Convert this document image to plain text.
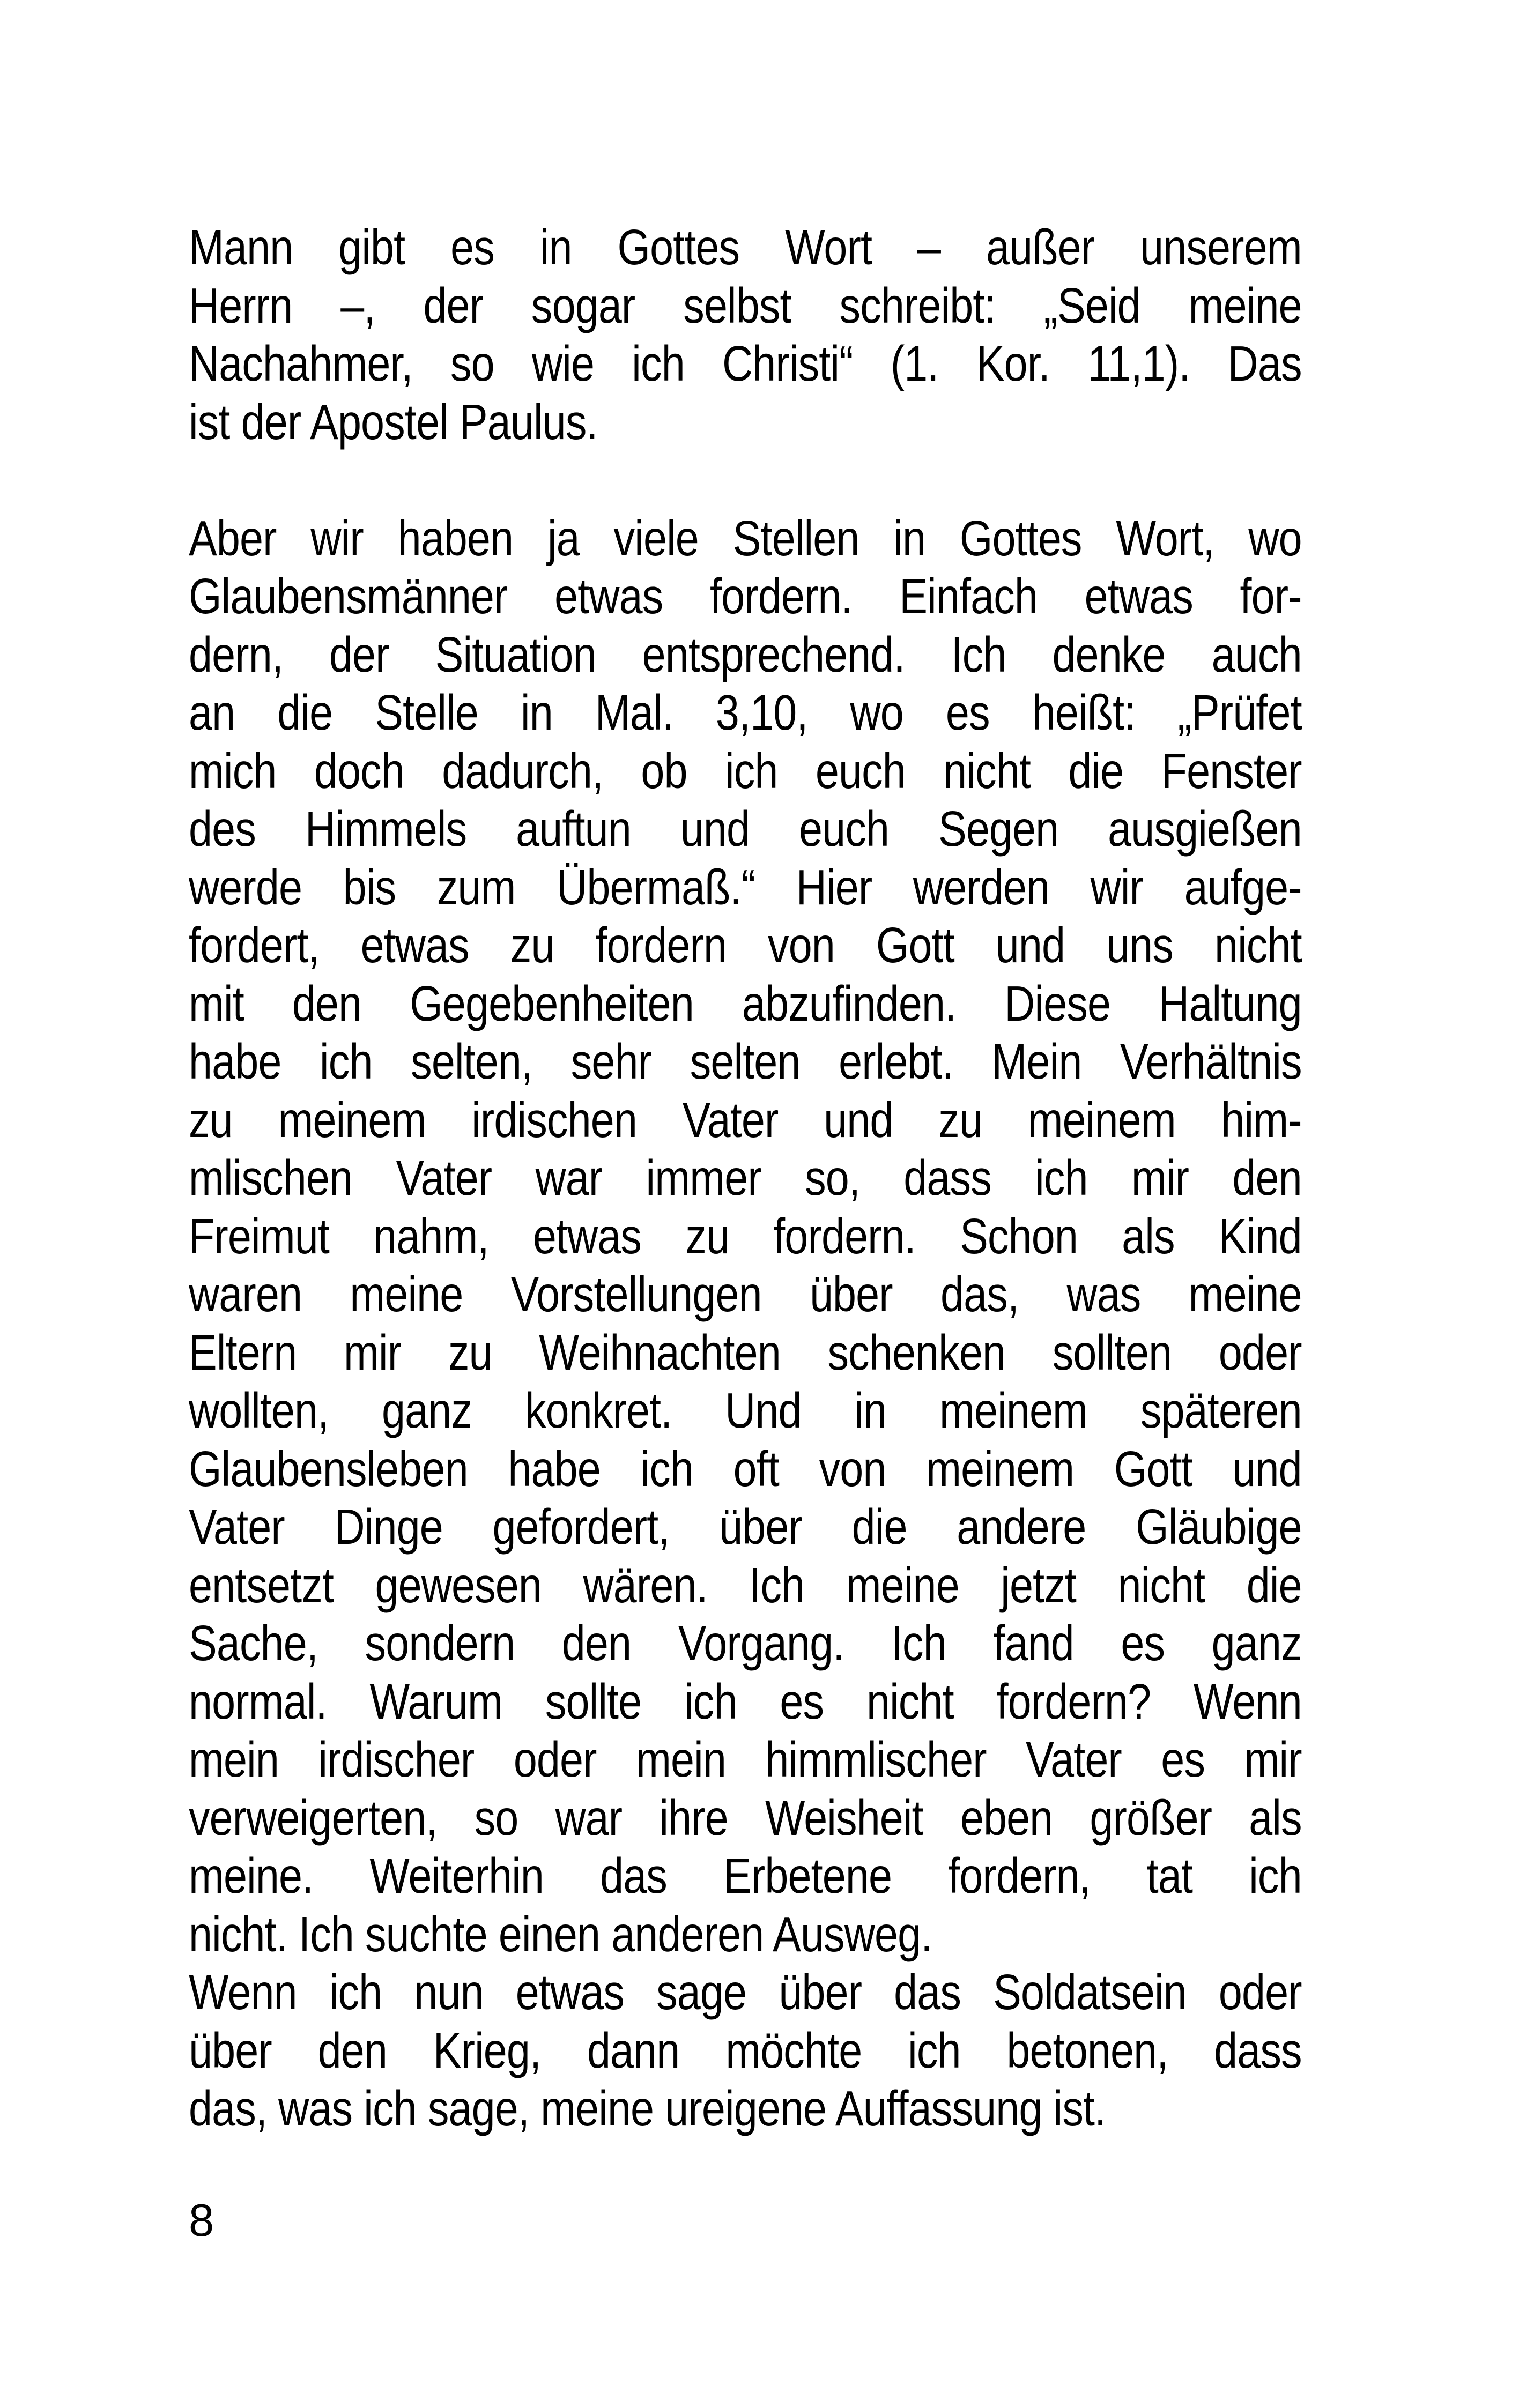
Mann gibt es in Gottes Wort – außer unserem
Herrn –, der sogar selbst schreibt: „Seid meine
Nachahmer, so wie ich Christi“ (1. Kor. 11,1). Das
ist der Apostel Paulus.
Aber wir haben ja viele Stellen in Gottes Wort, wo
Glaubensmänner etwas fordern. Einfach etwas for-
dern, der Situation entsprechend. Ich denke auch
an die Stelle in Mal. 3,10, wo es heißt: „Prüfet
mich doch dadurch, ob ich euch nicht die Fenster
des Himmels auftun und euch Segen ausgießen
werde bis zum Übermaß.“ Hier werden wir aufge-
fordert, etwas zu fordern von Gott und uns nicht
mit den Gegebenheiten abzufinden. Diese Haltung
habe ich selten, sehr selten erlebt. Mein Verhältnis
zu meinem irdischen Vater und zu meinem him-
mlischen Vater war immer so, dass ich mir den
Freimut nahm, etwas zu fordern. Schon als Kind
waren meine Vorstellungen über das, was meine
Eltern mir zu Weihnachten schenken sollten oder
wollten, ganz konkret. Und in meinem späteren
Glaubensleben habe ich oft von meinem Gott und
Vater Dinge gefordert, über die andere Gläubige
entsetzt gewesen wären. Ich meine jetzt nicht die
Sache, sondern den Vorgang. Ich fand es ganz
normal. Warum sollte ich es nicht fordern? Wenn
mein irdischer oder mein himmlischer Vater es mir
verweigerten, so war ihre Weisheit eben größer als
meine. Weiterhin das Erbetene fordern, tat ich
nicht. Ich suchte einen anderen Ausweg.
Wenn ich nun etwas sage über das Soldatsein oder
über den Krieg, dann möchte ich betonen, dass
das, was ich sage, meine ureigene Auffassung ist.
8
